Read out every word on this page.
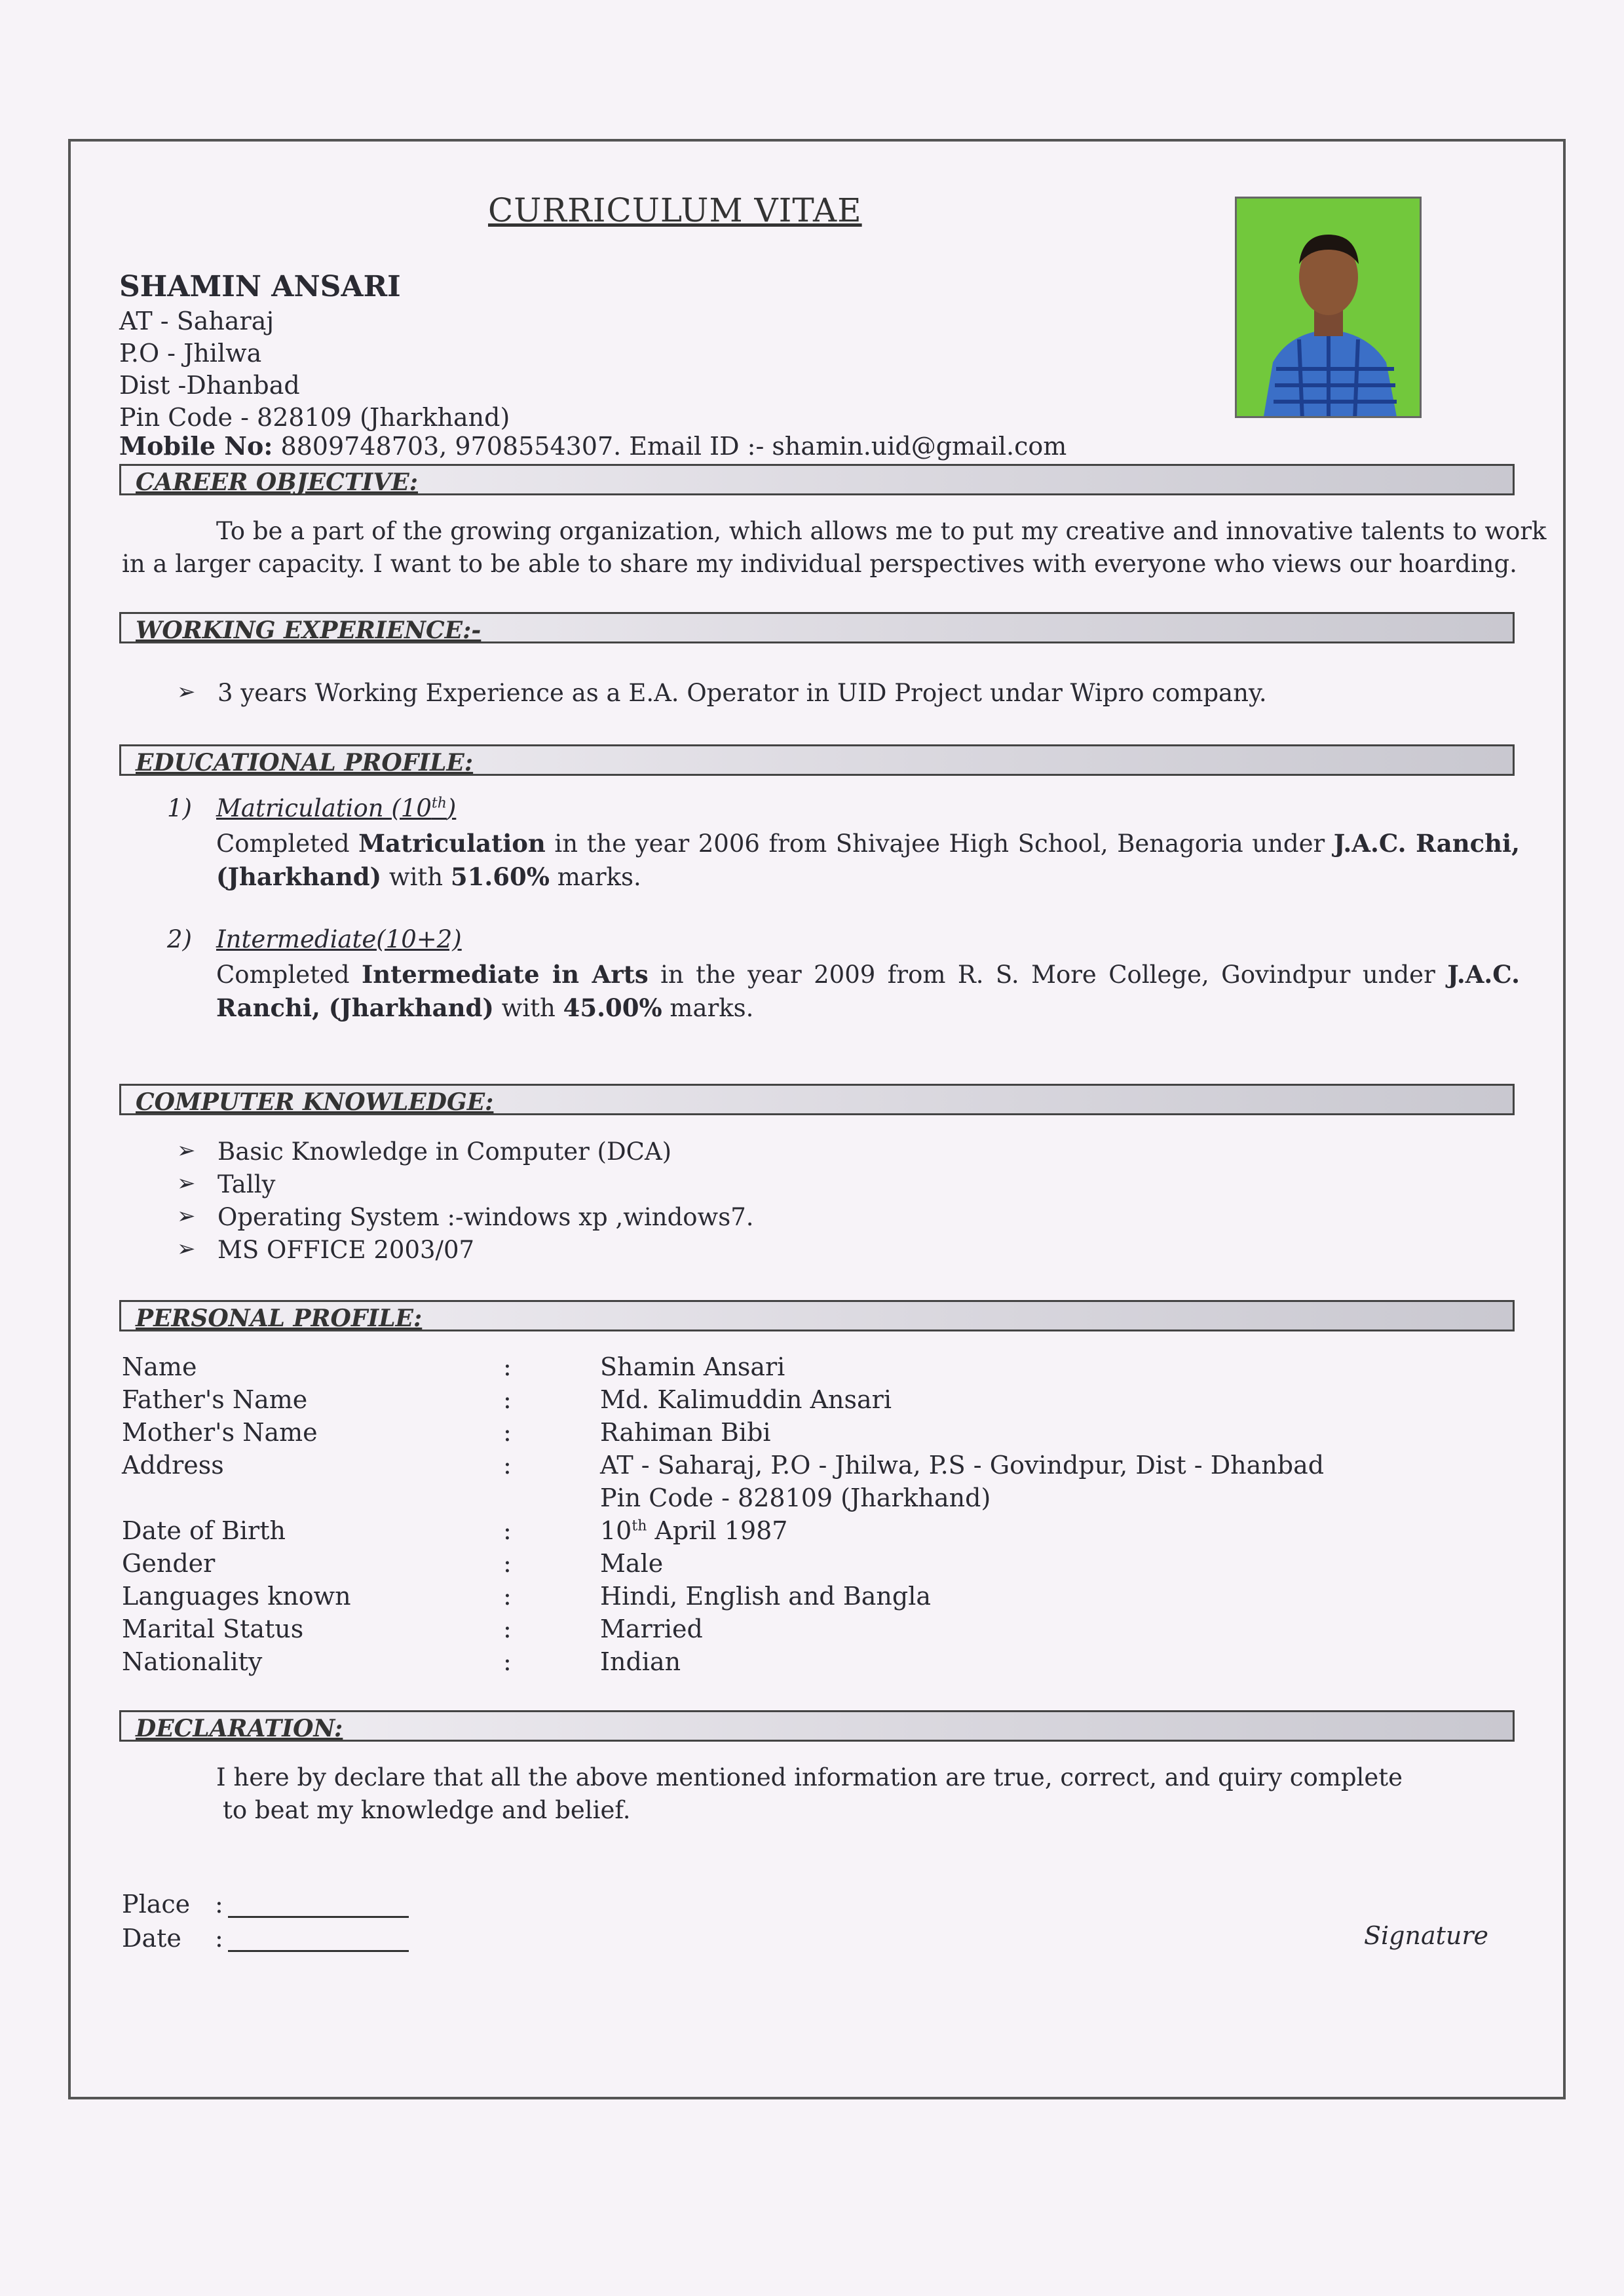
CURRICULUM VITAE
SHAMIN ANSARI
AT - Saharaj
P.O - Jhilwa
Dist -Dhanbad
Pin Code - 828109 (Jharkhand)
Mobile No: 8809748703, 9708554307. Email ID :- shamin.uid@gmail.com
CAREER OBJECTIVE:
To be a part of the growing organization, which allows me to put my creative and innovative talents to work
in a larger capacity. I want to be able to share my individual perspectives with everyone who views our hoarding.
WORKING EXPERIENCE:-
➢ 3 years Working Experience as a E.A. Operator in UID Project undar Wipro company.
EDUCATIONAL PROFILE:
1) Matriculation (10th)
Completed Matriculation in the year 2006 from Shivajee High School, Benagoria under J.A.C. Ranchi, (Jharkhand) with 51.60% marks.
2) Intermediate(10+2)
Completed Intermediate in Arts in the year 2009 from R. S. More College, Govindpur under J.A.C. Ranchi, (Jharkhand) with 45.00% marks.
COMPUTER KNOWLEDGE:
➢ Basic Knowledge in Computer (DCA)
➢ Tally
➢ Operating System :-windows xp ,windows7.
➢ MS OFFICE 2003/07
PERSONAL PROFILE:
Name	:	Shamin Ansari
Father's Name	:	Md. Kalimuddin Ansari
Mother's Name	:	Rahiman Bibi
Address	:	AT - Saharaj, P.O - Jhilwa, P.S - Govindpur, Dist - Dhanbad
Pin Code - 828109 (Jharkhand)
Date of Birth	:	10th April 1987
Gender	:	Male
Languages known	:	Hindi, English and Bangla
Marital Status	:	Married
Nationality	:	Indian
DECLARATION:
I here by declare that all the above mentioned information are true, correct, and quiry complete
to beat my knowledge and belief.
Place :
Date :	Signature
